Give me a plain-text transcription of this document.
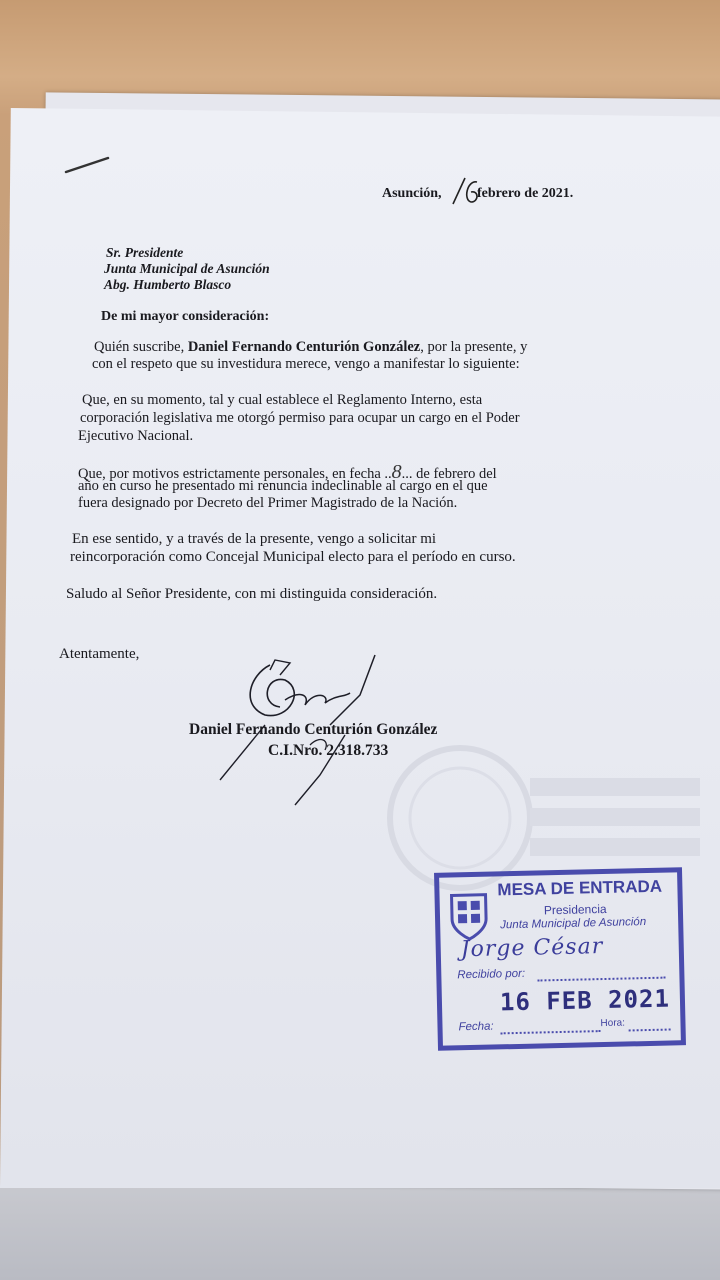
Asunción,	febrero de 2021.
Sr. Presidente
Junta Municipal de Asunción
Abg. Humberto Blasco
De mi mayor consideración:
Quién suscribe, Daniel Fernando Centurión González, por la presente, y
con el respeto que su investidura merece, vengo a manifestar lo siguiente:
Que, en su momento, tal y cual establece el Reglamento Interno, esta
corporación legislativa me otorgó permiso para ocupar un cargo en el Poder
Ejecutivo Nacional.
Que, por motivos estrictamente personales, en fecha ..8... de febrero del
año en curso he presentado mi renuncia indeclinable al cargo en el que
fuera designado por Decreto del Primer Magistrado de la Nación.
En ese sentido, y a través de la presente, vengo a solicitar mi
reincorporación como Concejal Municipal electo para el período en curso.
Saludo al Señor Presidente, con mi distinguida consideración.
Atentamente,
Daniel Fernando Centurión González
C.I.Nro. 2.318.733
MESA DE ENTRADA
Presidencia
Junta Municipal de Asunción
Jorge César
Recibido por:
16 FEB 2021
Fecha:	Hora:
